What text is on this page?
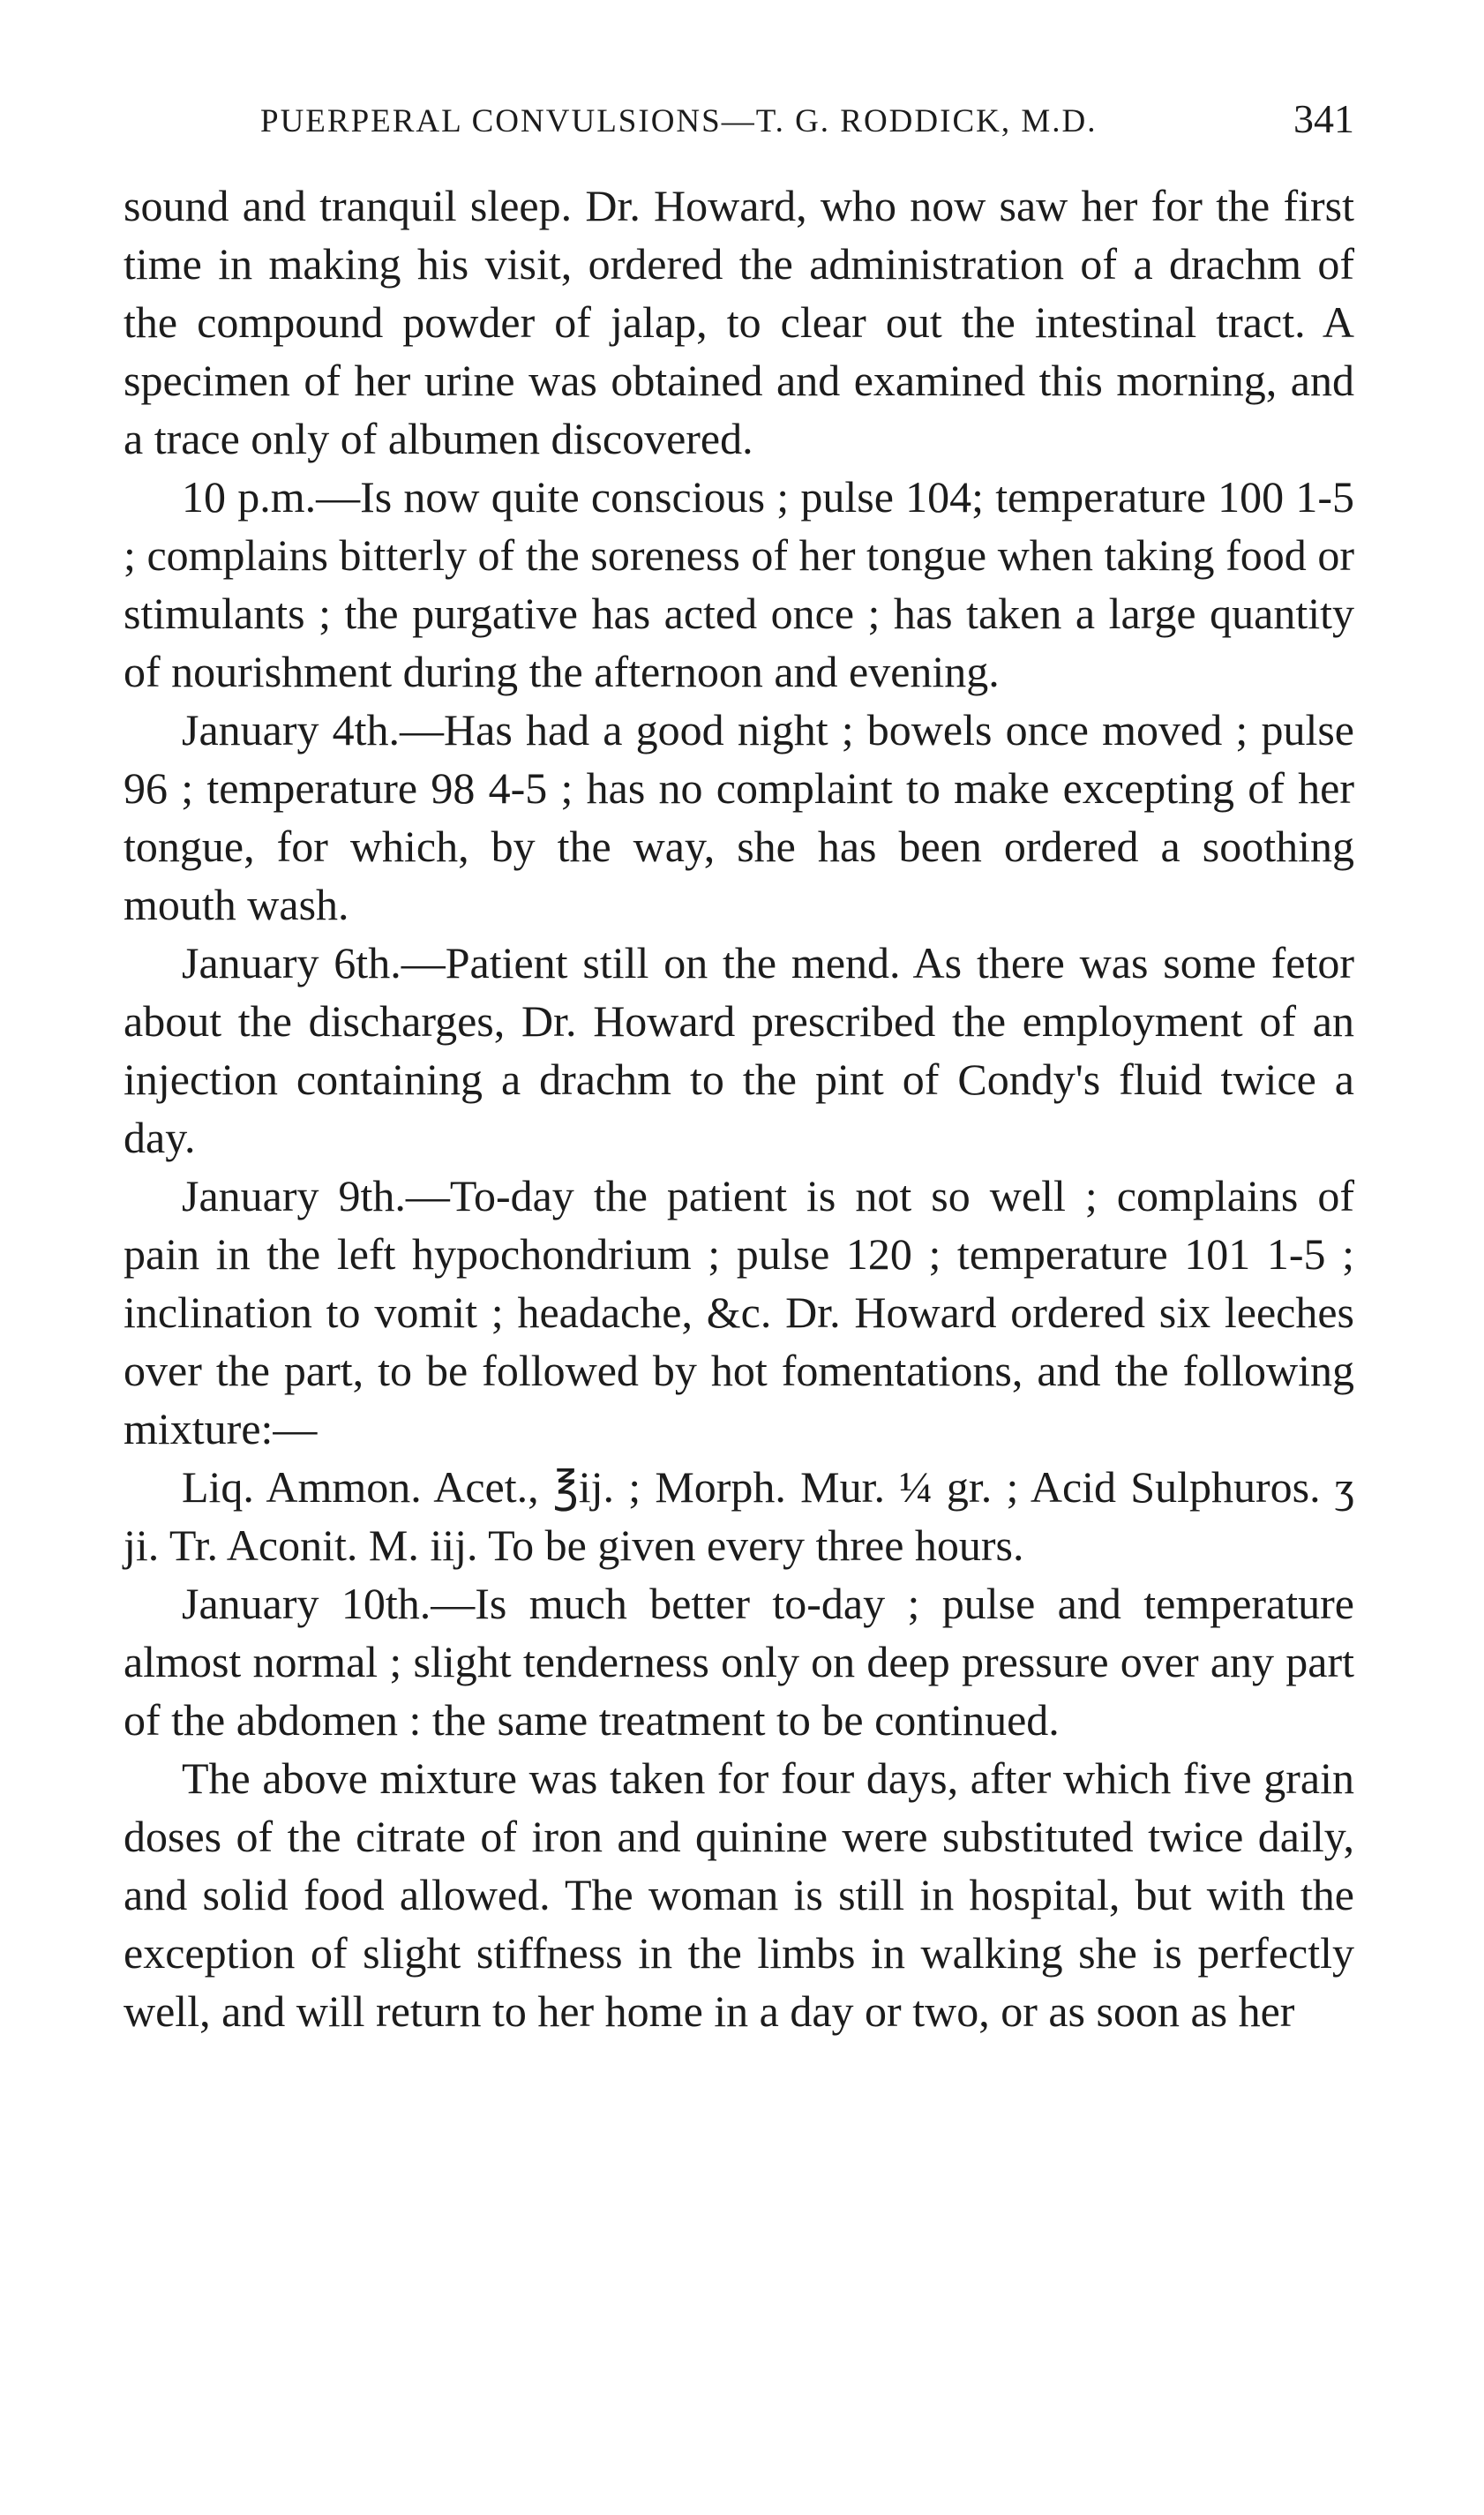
PUERPERAL CONVULSIONS—T. G. RODDICK, M.D.	341

sound and tranquil sleep. Dr. Howard, who now saw her for the first time in making his visit, ordered the administration of a drachm of the compound powder of jalap, to clear out the intestinal tract. A specimen of her urine was obtained and examined this morning, and a trace only of albumen discovered.

10 p.m.—Is now quite conscious ; pulse 104; temperature 100 1-5 ; complains bitterly of the soreness of her tongue when taking food or stimulants ; the purgative has acted once ; has taken a large quantity of nourishment during the afternoon and evening.

January 4th.—Has had a good night ; bowels once moved ; pulse 96 ; temperature 98 4-5 ; has no complaint to make excepting of her tongue, for which, by the way, she has been ordered a soothing mouth wash.

January 6th.—Patient still on the mend. As there was some fetor about the discharges, Dr. Howard prescribed the employment of an injection containing a drachm to the pint of Condy's fluid twice a day.

January 9th.—To-day the patient is not so well ; complains of pain in the left hypochondrium ; pulse 120 ; temperature 101 1-5 ; inclination to vomit ; headache, &c. Dr. Howard ordered six leeches over the part, to be followed by hot fomentations, and the following mixture:—

Liq. Ammon. Acet., ℥ij. ; Morph. Mur. ¼ gr. ; Acid Sulphuros. ʒ ji. Tr. Aconit. M. iij. To be given every three hours.

January 10th.—Is much better to-day ; pulse and temperature almost normal ; slight tenderness only on deep pressure over any part of the abdomen : the same treatment to be continued.

The above mixture was taken for four days, after which five grain doses of the citrate of iron and quinine were substituted twice daily, and solid food allowed. The woman is still in hospital, but with the exception of slight stiffness in the limbs in walking she is perfectly well, and will return to her home in a day or two, or as soon as her
